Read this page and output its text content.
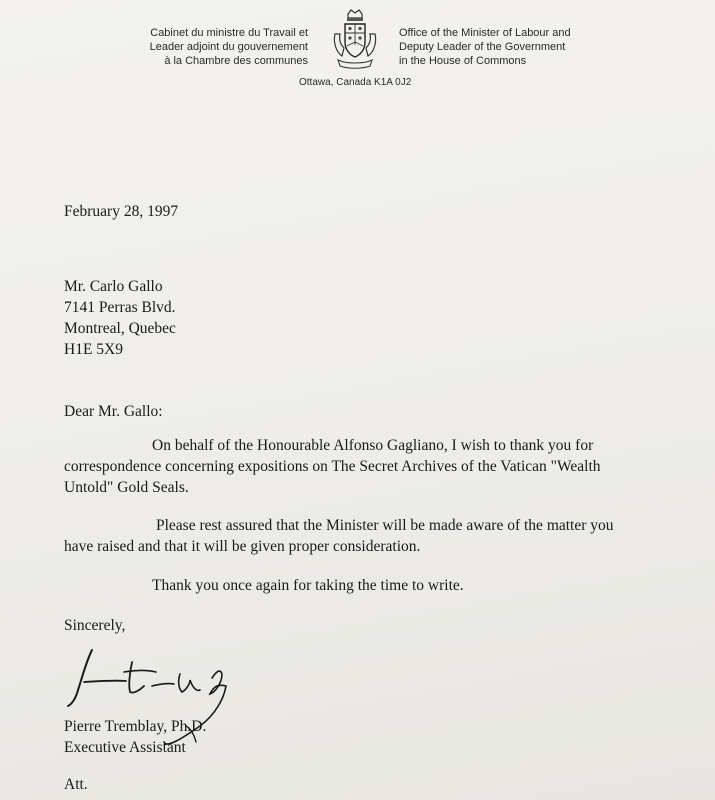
Cabinet du ministre du Travail et
Leader adjoint du gouvernement
à la Chambre des communes
Office of the Minister of Labour and
Deputy Leader of the Government
in the House of Commons
Ottawa, Canada K1A 0J2
February 28, 1997
Mr. Carlo Gallo
7141 Perras Blvd.
Montreal, Quebec
H1E 5X9
Dear Mr. Gallo:
On behalf of the Honourable Alfonso Gagliano, I wish to thank you for
correspondence concerning expositions on The Secret Archives of the Vatican "Wealth
Untold" Gold Seals.
Please rest assured that the Minister will be made aware of the matter you
have raised and that it will be given proper consideration.
Thank you once again for taking the time to write.
Sincerely,
Pierre Tremblay, Ph.D.
Executive Assistant
Att.
